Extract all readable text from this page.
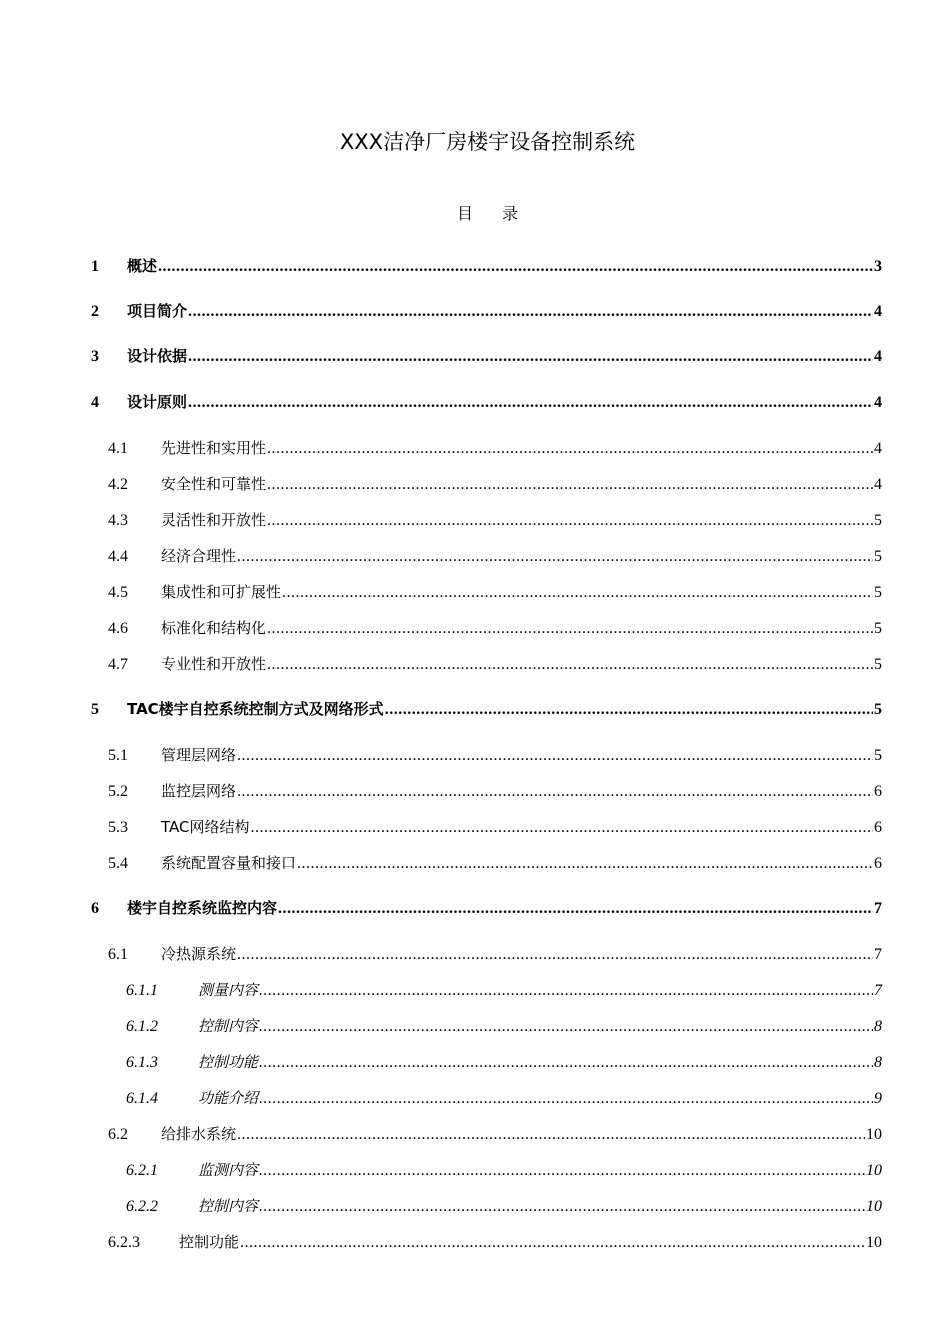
XXX洁净厂房楼宇设备控制系统
目 录
1	概述 .....	3
2	项目简介 .....	4
3	设计依据 .....	4
4	设计原则 .....	4
4.1	先进性和实用性 .....	4
4.2	安全性和可靠性 .....	4
4.3	灵活性和开放性 .....	5
4.4	经济合理性 .....	5
4.5	集成性和可扩展性 .....	5
4.6	标准化和结构化 .....	5
4.7	专业性和开放性 .....	5
5	TAC楼宇自控系统控制方式及网络形式 .....	5
5.1	管理层网络 .....	5
5.2	监控层网络 .....	6
5.3	TAC网络结构 .....	6
5.4	系统配置容量和接口 .....	6
6	楼宇自控系统监控内容 .....	7
6.1	冷热源系统 .....	7
6.1.1	测量内容 .....	7
6.1.2	控制内容 .....	8
6.1.3	控制功能 .....	8
6.1.4	功能介绍 .....	9
6.2	给排水系统 .....	10
6.2.1	监测内容 .....	10
6.2.2	控制内容 .....	10
6.2.3	控制功能 .....	10
